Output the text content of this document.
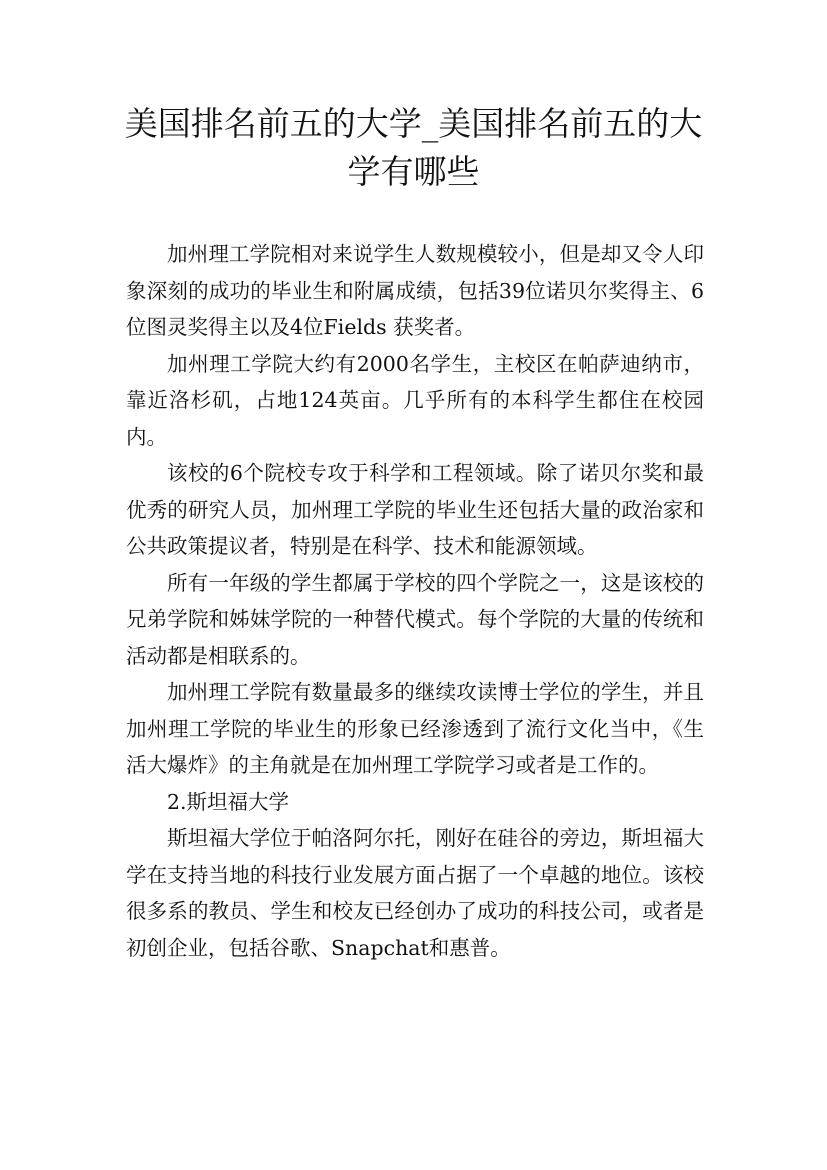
美国排名前五的大学_美国排名前五的大学有哪些

加州理工学院相对来说学生人数规模较小，但是却又令人印象深刻的成功的毕业生和附属成绩，包括39位诺贝尔奖得主、6位图灵奖得主以及4位Fields 获奖者。

加州理工学院大约有2000名学生，主校区在帕萨迪纳市，靠近洛杉矶，占地124英亩。几乎所有的本科学生都住在校园内。

该校的6个院校专攻于科学和工程领域。除了诺贝尔奖和最优秀的研究人员，加州理工学院的毕业生还包括大量的政治家和公共政策提议者，特别是在科学、技术和能源领域。

所有一年级的学生都属于学校的四个学院之一，这是该校的兄弟学院和姊妹学院的一种替代模式。每个学院的大量的传统和活动都是相联系的。

加州理工学院有数量最多的继续攻读博士学位的学生，并且加州理工学院的毕业生的形象已经渗透到了流行文化当中，《生活大爆炸》的主角就是在加州理工学院学习或者是工作的。

2.斯坦福大学

斯坦福大学位于帕洛阿尔托，刚好在硅谷的旁边，斯坦福大学在支持当地的科技行业发展方面占据了一个卓越的地位。该校很多系的教员、学生和校友已经创办了成功的科技公司，或者是初创企业，包括谷歌、Snapchat和惠普。
